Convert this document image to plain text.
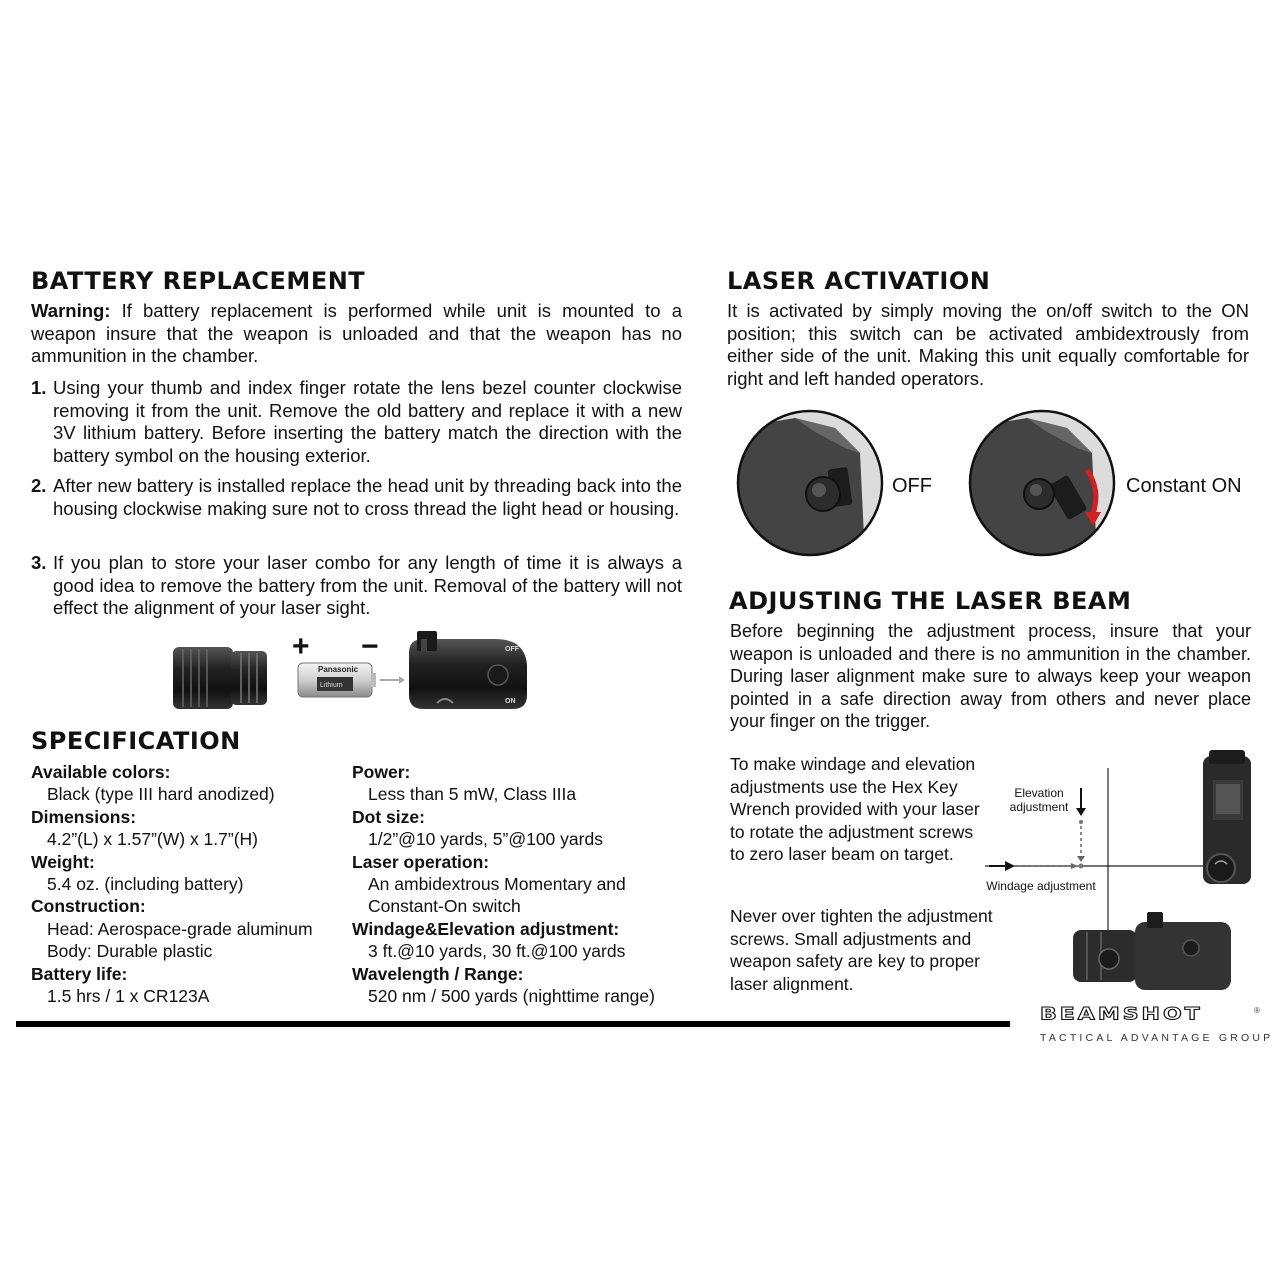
BATTERY REPLACEMENT
Warning: If battery replacement is performed while unit is mounted to a weapon insure that the weapon is unloaded and that the weapon has no ammunition in the chamber.
1. Using your thumb and index finger rotate the lens bezel counter clockwise removing it from the unit. Remove the old battery and replace it with a new 3V lithium battery. Before inserting the battery match the direction with the battery symbol on the housing exterior.
2. After new battery is installed replace the head unit by threading back into the housing clockwise making sure not to cross thread the light head or housing.
3. If you plan to store your laser combo for any length of time it is always a good idea to remove the battery from the unit. Removal of the battery will not effect the alignment of your laser sight.
+ −
Panasonic
Lithium
OFF
ON
SPECIFICATION
Available colors:
Black (type III hard anodized)
Dimensions:
4.2”(L) x 1.57”(W) x 1.7”(H)
Weight:
5.4 oz. (including battery)
Construction:
Head: Aerospace-grade aluminum
Body: Durable plastic
Battery life:
1.5 hrs / 1 x CR123A
Power:
Less than 5 mW, Class IIIa
Dot size:
1/2”@10 yards, 5”@100 yards
Laser operation:
An ambidextrous Momentary and
Constant-On switch
Windage&Elevation adjustment:
3 ft.@10 yards, 30 ft.@100 yards
Wavelength / Range:
520 nm / 500 yards (nighttime range)
LASER ACTIVATION
It is activated by simply moving the on/off switch to the ON position; this switch can be activated ambidextrously from either side of the unit. Making this unit equally comfortable for right and left handed operators.
OFF	Constant ON
ADJUSTING THE LASER BEAM
Before beginning the adjustment process, insure that your weapon is unloaded and there is no ammunition in the chamber. During laser alignment make sure to always keep your weapon pointed in a safe direction away from others and never place your finger on the trigger.
To make windage and elevation adjustments use the Hex Key Wrench provided with your laser to rotate the adjustment screws to zero laser beam on target.
Never over tighten the adjustment screws. Small adjustments and weapon safety are key to proper laser alignment.
Elevation adjustment
Windage adjustment
BEAMSHOT
TACTICAL ADVANTAGE GROUP
®
